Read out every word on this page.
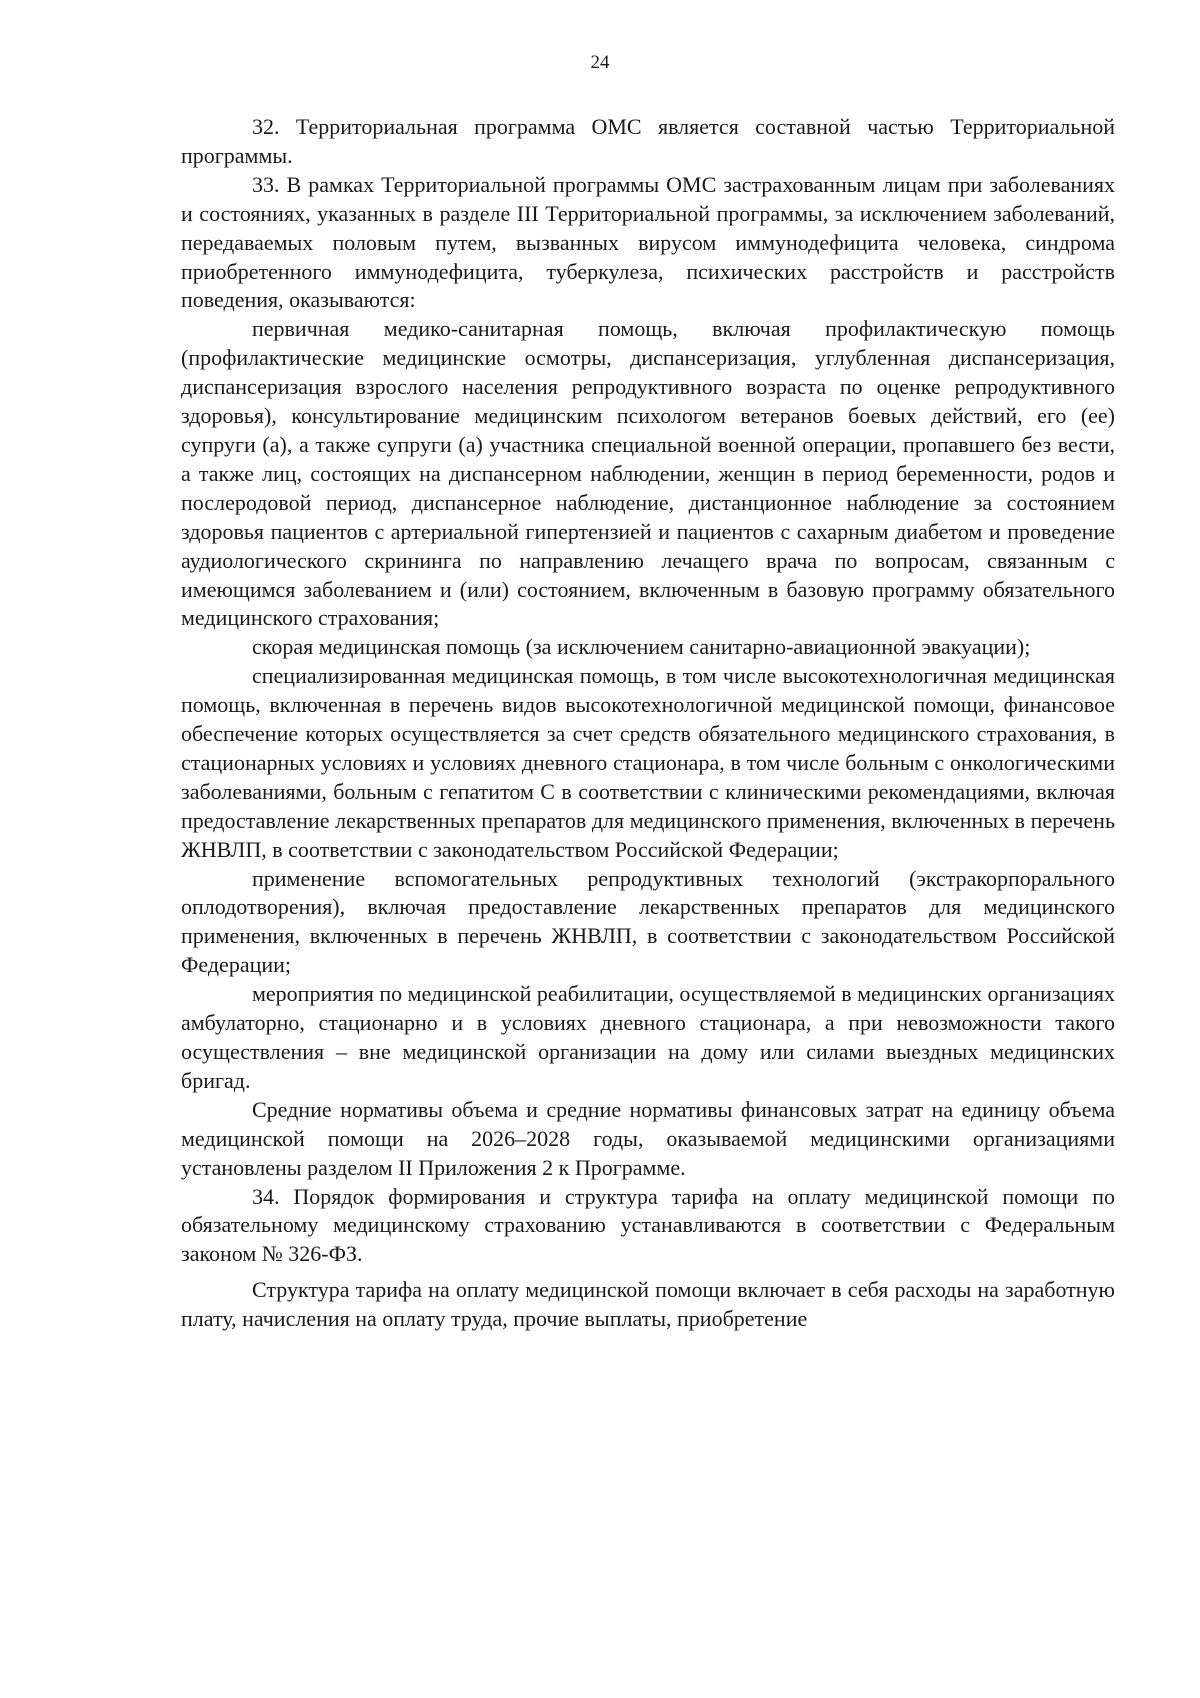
24

32. Территориальная программа ОМС является составной частью Территориальной программы.

33. В рамках Территориальной программы ОМС застрахованным лицам при заболеваниях и состояниях, указанных в разделе III Территориальной программы, за исключением заболеваний, передаваемых половым путем, вызванных вирусом иммунодефицита человека, синдрома приобретенного иммунодефицита, туберкулеза, психических расстройств и расстройств поведения, оказываются:

первичная медико-санитарная помощь, включая профилактическую помощь (профилактические медицинские осмотры, диспансеризация, углубленная диспансеризация, диспансеризация взрослого населения репродуктивного возраста по оценке репродуктивного здоровья), консультирование медицинским психологом ветеранов боевых действий, его (ее) супруги (а), а также супруги (а) участника специальной военной операции, пропавшего без вести, а также лиц, состоящих на диспансерном наблюдении, женщин в период беременности, родов и послеродовой период, диспансерное наблюдение, дистанционное наблюдение за состоянием здоровья пациентов с артериальной гипертензией и пациентов с сахарным диабетом и проведение аудиологического скрининга по направлению лечащего врача по вопросам, связанным с имеющимся заболеванием и (или) состоянием, включенным в базовую программу обязательного медицинского страхования;

скорая медицинская помощь (за исключением санитарно-авиационной эвакуации);

специализированная медицинская помощь, в том числе высокотехнологичная медицинская помощь, включенная в перечень видов высокотехнологичной медицинской помощи, финансовое обеспечение которых осуществляется за счет средств обязательного медицинского страхования, в стационарных условиях и условиях дневного стационара, в том числе больным с онкологическими заболеваниями, больным с гепатитом С в соответствии с клиническими рекомендациями, включая предоставление лекарственных препаратов для медицинского применения, включенных в перечень ЖНВЛП, в соответствии с законодательством Российской Федерации;

применение вспомогательных репродуктивных технологий (экстракорпорального оплодотворения), включая предоставление лекарственных препаратов для медицинского применения, включенных в перечень ЖНВЛП, в соответствии с законодательством Российской Федерации;

мероприятия по медицинской реабилитации, осуществляемой в медицинских организациях амбулаторно, стационарно и в условиях дневного стационара, а при невозможности такого осуществления – вне медицинской организации на дому или силами выездных медицинских бригад.

Средние нормативы объема и средние нормативы финансовых затрат на единицу объема медицинской помощи на 2026–2028 годы, оказываемой медицинскими организациями установлены разделом II Приложения 2 к Программе.

34. Порядок формирования и структура тарифа на оплату медицинской помощи по обязательному медицинскому страхованию устанавливаются в соответствии с Федеральным законом № 326-ФЗ.

Структура тарифа на оплату медицинской помощи включает в себя расходы на заработную плату, начисления на оплату труда, прочие выплаты, приобретение
